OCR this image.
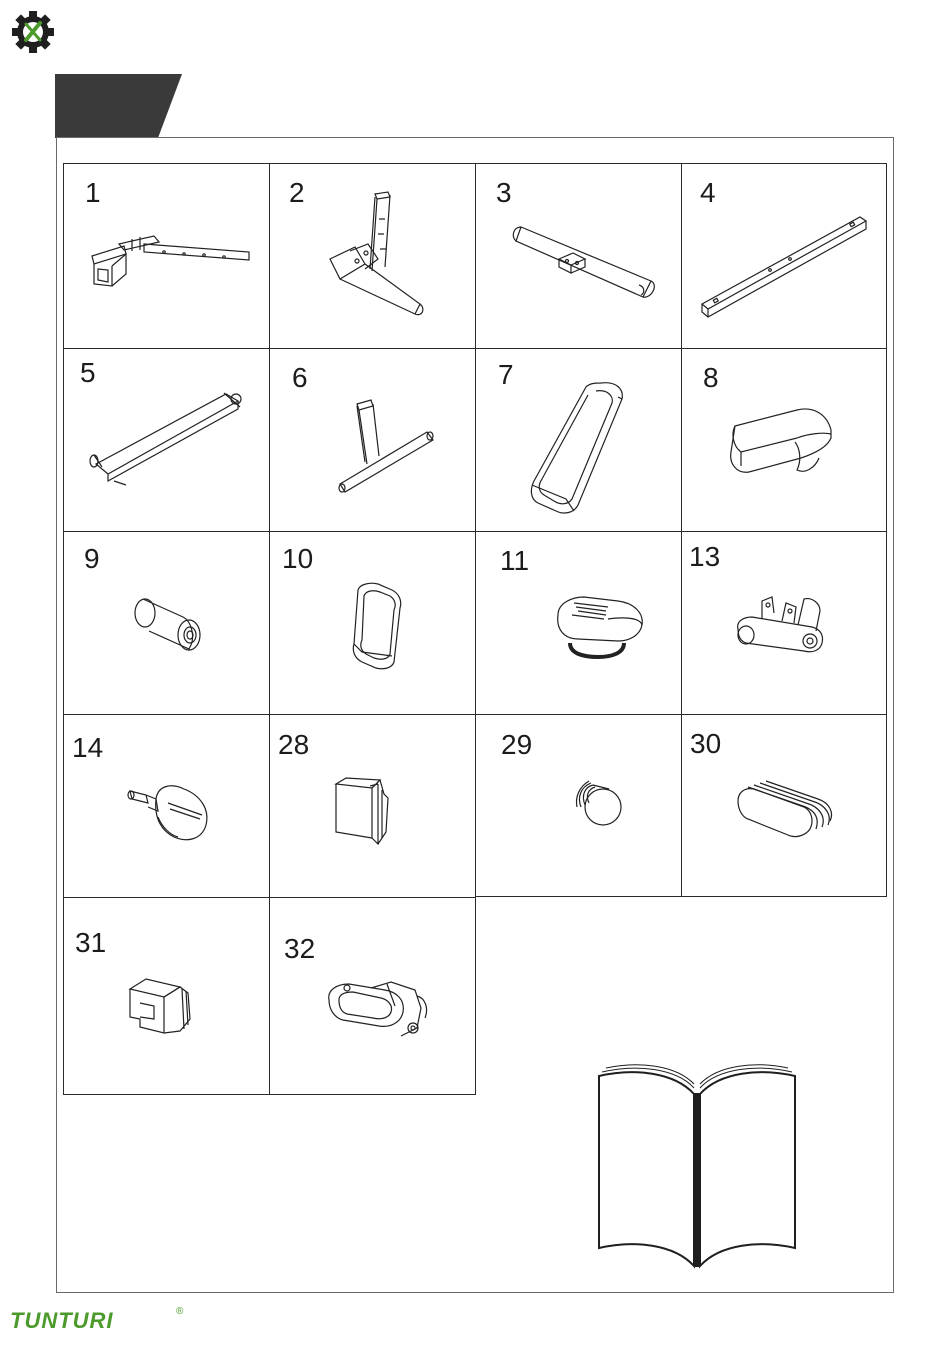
1	2	3	4
5	6	7	8
9	10	11	13
14	28	29	30
31	32
TUNTURI	®
